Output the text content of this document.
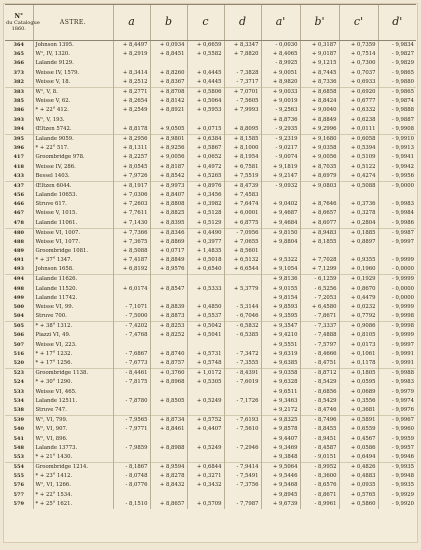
N°
du Catalogue
1860.	ASTRE.	a	b	c	d	a'	b'	c'	d'
364	Johnson 1395.	+ 8,4497	+ 0,0934	+ 0,6659	+ 8,3347	- 0,0030	+ 0,3187	+ 0,7359	- 9,9834
365	W¹, IV, 1320.	+ 8,2919	+ 8,8451	+ 0,5582	+ 7,8820	+ 8,4065	+ 9,0187	+ 0,7514	- 9,9827
366	Lalande 9129.					- 8,9925	+ 9,1215	+ 0,7300	- 9,9829
373	Weisse IV, 1579.	+ 8,3414	+ 8,8260	+ 0,4445	- 7,3828	+ 9,0051	+ 8,7445	+ 0,7037	- 9,9865
382	Weisse V, 18.	+ 8,2512	+ 8,8367	+ 0,4445	- 7,3717	+ 8,9820	+ 8,7336	+ 0,6933	- 9,9880
383	W¹, V, 8.	+ 8,2771	+ 8,8708	+ 0,5806	+ 7,0701	+ 9,0033	+ 8,6858	+ 0,6920	- 9,9865
385	Weisse V, 62.	+ 8,2654	+ 8,8142	+ 0,5064	- 7,5605	+ 9,0019	+ 8,8424	+ 0,6777	- 9,9874
386	* + 22° 412.	+ 8,2549	+ 8,8921	+ 0,5953	+ 7,9993	- 9,2563	+ 9,0040	+ 0,6332	- 9,9888
393	W¹, V, 193.					+ 8,8736	+ 8,8849	+ 0,6238	- 9,9887
394	Œltzen 5742.	+ 8,8178	+ 9,0505	+ 0,0715	+ 8,8095	- 9,2935	+ 9,2996	+ 0,0111	- 9,9908
395	Lalande 9059.	+ 8,2956	+ 8,9801	+ 0,6384	+ 8,1585	- 9,2319	+ 9,1680	+ 0,6058	- 9,9910
396	* + 22° 517.	+ 8,1311	+ 8,9256	+ 0,5867	+ 8,1000	- 9,0217	+ 9,0358	+ 0,5394	- 9,9913
417	Groombridge 978.	+ 8,2257	+ 9,0056	+ 0,0652	+ 8,1954	- 9,0074	+ 9,0056	+ 0,5109	- 9,9941
418	Weisse IV, 286.	+ 8,0545	+ 8,8187	+ 0,4972	+ 6,7581	+ 9,1819	+ 8,7035	+ 0,5122	- 9,9942
433	Bessel 1403.	+ 7,9726	+ 8,8542	+ 0,5265	+ 7,5519	+ 9,2147	+ 8,6979	+ 0,4274	- 9,9956
437	Œltzen 6044.	+ 8,1917	+ 8,9973	+ 0,8976	+ 8,4739	- 9,0932	+ 9,0803	+ 0,5088	- 9,0000
456	Lalande 10653.	+ 7,0306	+ 8,8407	+ 0,3456	+ 7,4583				
466	Struve 617.	+ 7,2603	+ 8,8808	+ 0,3982	+ 7,6474	+ 9,0402	+ 8,7646	+ 0,3736	- 9,9983
467	Weisse V, 1015.	+ 7,7611	+ 8,8825	+ 0,5128	+ 6,0001	+ 9,4687	+ 8,6657	+ 0,3278	- 9,9984
478	Lalande 11061.	+ 7,1430	+ 8,8395	+ 0,5129	+ 6,8775	+ 9,4684	+ 8,6077	+ 0,2804	- 9,9986
480	Weisse VI, 1007.	+ 7,7366	+ 8,8346	+ 0,4490	- 7,0956	+ 9,8150	+ 8,9483	+ 0,1885	- 9,9987
488	Weisse VI, 1077.	+ 7,3675	+ 8,8869	+ 0,3977	+ 7,0655	+ 9,8804	+ 8,1855	+ 0,8897	- 9,9997
489	Groombridge 1081.	+ 8,5088	+ 0,0717	+ 1,4835	+ 8,5601				
491	* + 37° 1347.	+ 7,4187	+ 8,8849	+ 0,5018	+ 6,5132	+ 9,5322	+ 7,7028	+ 0,9355	- 9,9999
493	Johnson 1658.	+ 6,8192	+ 8,9576	+ 0,6540	+ 6,6544	+ 9,1054	+ 7,1299	+ 0,1960	- 0,0000
494	Lalande 11626.					+ 9,8136	- 6,1259	+ 0,1929	- 9,9999
498	Lalande 11520.	+ 6,0174	+ 8,8547	+ 0,5333	+ 5,3779	+ 9,0155	- 6,5256	+ 0,8670	- 0,0000
499	Lalande 11742.					+ 9,8154	- 7,2053	+ 0,4479	- 0,0000
500	Weisse VI, 99.	- 7,1071	+ 8,8839	+ 0,4850	- 5,3144	+ 9,8593	+ 6,4580	+ 0,0232	- 9,9999
504	Struve 700.	- 7,5000	+ 8,8873	+ 0,5537	- 6,7046	+ 9,3595	- 7,8671	+ 0,7792	- 9,9998
505	* + 38° 1312.	- 7,4202	+ 8,8253	+ 0,5042	- 6,5832	+ 9,3547	- 7,3337	+ 0,9086	- 9,9998
506	Piazzi VI, 49.	- 7,4768	+ 8,8252	+ 0,5041	- 6,5385	+ 9,4210	- 7,4888	+ 0,8105	- 9,9999
507	Weisse VI, 223.					+ 9,5551	- 7,5797	+ 0,0173	- 9,9997
516	* + 17° 1232.	- 7,6867	+ 8,8740	+ 0,5731	- 7,3472	+ 9,6319	- 8,4666	+ 0,1061	- 9,9991
520	* + 17° 1256.	- 7,6773	+ 8,8757	+ 0,5748	- 7,3555	+ 9,6385	- 8,4751	+ 0,1178	- 9,9991
523	Groombridge 1138.	- 8,4461	+ 0,3760	+ 1,0172	- 8,4391	+ 9,0358	- 8,8712	+ 0,1805	- 9,9988
524	* + 30° 1290.	- 7,8175	+ 8,8968	+ 0,5305	- 7,6019	+ 9,6328	- 8,5429	+ 0,0595	- 9,9983
533	Weisse VI, 465.					+ 9,6511	- 8,6856	+ 0,0689	- 9,9979
534	Lalande 12511.	- 7,8780	+ 8,8505	+ 0,5249	- 7,1726	+ 9,3463	- 8,5429	+ 0,3556	- 9,9974
538	Struve 747.					+ 9,2172	- 8,4746	+ 0,3681	- 9,9976
539	W¹, VI, 799.	- 7,9565	+ 8,8734	+ 0,5752	- 7,6193	+ 9,8325	- 8,7496	+ 0,5891	- 9,9967
540	W¹, VI, 907.	- 7,9771	+ 8,8461	+ 0,4407	- 7,5610	+ 9,8578	- 8,8455	+ 0,6559	- 9,9960
541	W¹, VI, 896.					+ 9,4407	- 8,9451	+ 0,4567	- 9,9959
548	Lalande 13773.	- 7,9859	+ 8,8988	+ 0,5249	- 7,2946	+ 9,3469	- 8,4587	+ 0,0586	- 9,9957
553	* + 21° 1430.					+ 9,3848	- 9,0151	+ 0,6494	- 9,9946
554	Groombridge 1214.	- 8,1867	+ 8,9594	+ 0,6844	- 7,9414	+ 9,5064	- 8,9952	+ 0,4826	- 9,9935
555	* + 23° 1412.	- 8,0748	+ 8,8278	+ 0,3271	- 7,5491	+ 9,5446	- 8,3600	+ 0,4883	- 9,9948
576	W¹, VI, 1266.	- 8,0776	+ 8,8432	+ 0,3432	- 7,3756	+ 9,5468	- 8,6576	+ 0,0935	- 9,9935
577	* + 22° 1534.					+ 9,8945	- 8,8671	+ 0,5765	- 9,9929
579	* + 25° 1621.	- 8,1510	+ 8,8657	+ 0,5709	- 7,7987	+ 9,6739	- 8,9961	+ 0,5860	- 9,9920
